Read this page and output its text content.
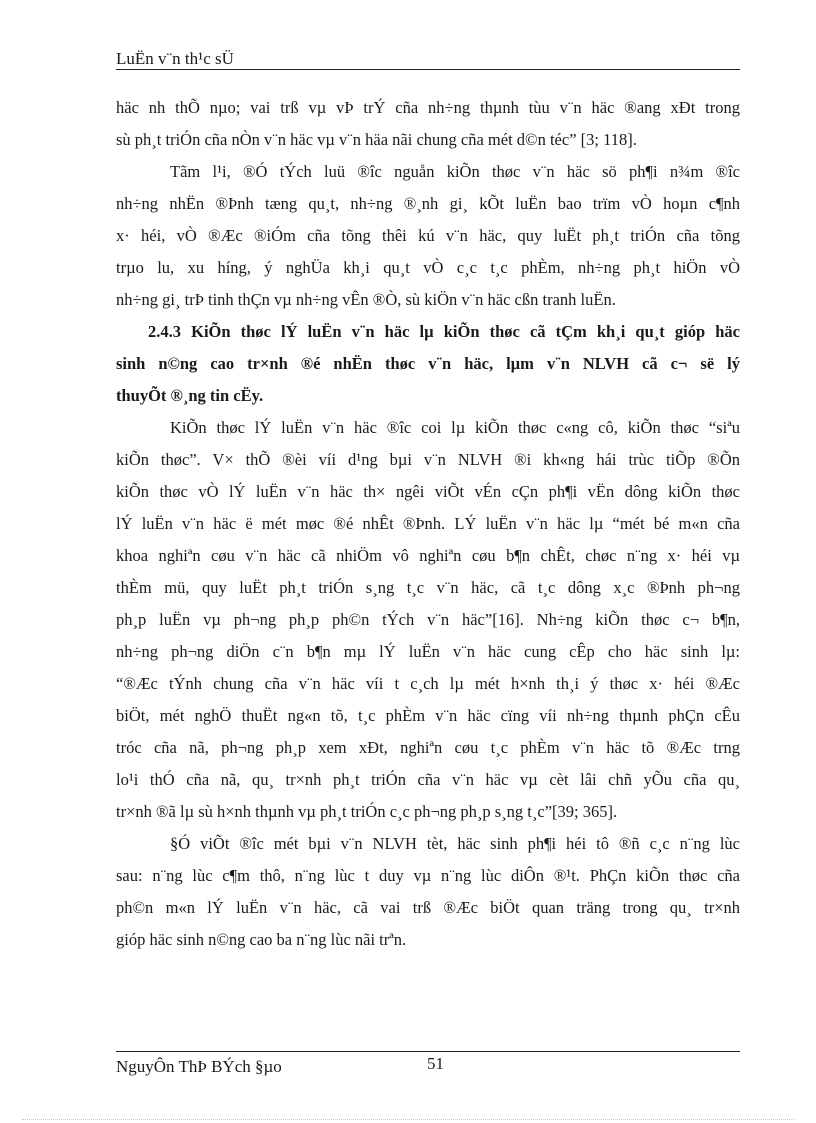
LuËn v¨n th¹c sÜ
häc nh thÕ nµo; vai trß vµ vÞ trÝ cña nh÷ng thµnh tùu v¨n häc ®ang xÐt trong
sù ph¸t triÓn cña nÒn v¨n häc vµ v¨n häa nãi chung cña mét d©n téc” [3; 118].
Tãm l¹i, ®Ó tÝch luü ®îc nguån kiÕn thøc v¨n häc sö ph¶i n¾m ®îc
nh÷ng nhËn ®Þnh tæng qu¸t, nh÷ng ®¸nh gi¸ kÕt luËn bao trïm vÒ hoµn c¶nh
x· héi, vÒ ®Æc ®iÓm cña tõng thêi kú v¨n häc, quy luËt ph¸t triÓn cña tõng
trµo lu, xu híng, ý nghÜa kh¸i qu¸t vÒ c¸c t¸c phÈm, nh÷ng ph¸t hiÖn vÒ
nh÷ng gi¸ trÞ tinh thÇn vµ nh÷ng vÊn ®Ò, sù kiÖn v¨n häc cßn tranh luËn.
2.4.3 KiÕn thøc lÝ luËn v¨n häc lµ kiÕn thøc cã tÇm kh¸i qu¸t gióp häc
sinh n©ng cao tr×nh ®é nhËn thøc v¨n häc, lµm v¨n NLVH cã c¬ së lý
thuyÕt ®¸ng tin cËy.
KiÕn thøc lÝ luËn v¨n häc ®îc coi lµ kiÕn thøc c«ng cô, kiÕn thøc “siªu
kiÕn thøc”. V× thÕ ®èi víi d¹ng bµi v¨n NLVH ®i kh«ng hái trùc tiÕp ®Õn
kiÕn thøc vÒ lÝ luËn v¨n häc th× ngêi viÕt vÉn cÇn ph¶i vËn dông kiÕn thøc
lÝ luËn v¨n häc ë mét møc ®é nhÊt ®Þnh. LÝ luËn v¨n häc lµ “mét bé m«n cña
khoa nghiªn cøu v¨n häc cã nhiÖm vô nghiªn cøu b¶n chÊt, chøc n¨ng x· héi vµ
thÈm mü, quy luËt ph¸t triÓn s¸ng t¸c v¨n häc, cã t¸c dông x¸c ®Þnh ph¬ng
ph¸p luËn vµ ph¬ng ph¸p ph©n tÝch v¨n häc”[16]. Nh÷ng kiÕn thøc c¬ b¶n,
nh÷ng ph¬ng diÖn c¨n b¶n mµ lÝ luËn v¨n häc cung cÊp cho häc sinh lµ:
“®Æc tÝnh chung cña v¨n häc víi t c¸ch lµ mét h×nh th¸i ý thøc x· héi ®Æc
biÖt, mét nghÖ thuËt ng«n tõ, t¸c phÈm v¨n häc cïng víi nh÷ng thµnh phÇn cÊu
tróc cña nã, ph¬ng ph¸p xem xÐt, nghiªn cøu t¸c phÈm v¨n häc tõ ®Æc trng
lo¹i thÓ cña nã, qu¸ tr×nh ph¸t triÓn cña v¨n häc vµ cèt lâi chñ yÕu cña qu¸
tr×nh ®ã lµ sù h×nh thµnh vµ ph¸t triÓn c¸c ph¬ng ph¸p s¸ng t¸c”[39; 365].
§Ó viÕt ®îc mét bµi v¨n NLVH tèt, häc sinh ph¶i héi tô ®ñ c¸c n¨ng lùc
sau: n¨ng lùc c¶m thô, n¨ng lùc t duy vµ n¨ng lùc diÔn ®¹t. PhÇn kiÕn thøc cña
ph©n m«n lÝ luËn v¨n häc, cã vai trß ®Æc biÖt quan träng trong qu¸ tr×nh
gióp häc sinh n©ng cao ba n¨ng lùc nãi trªn.
NguyÔn ThÞ BÝch §µo	51
